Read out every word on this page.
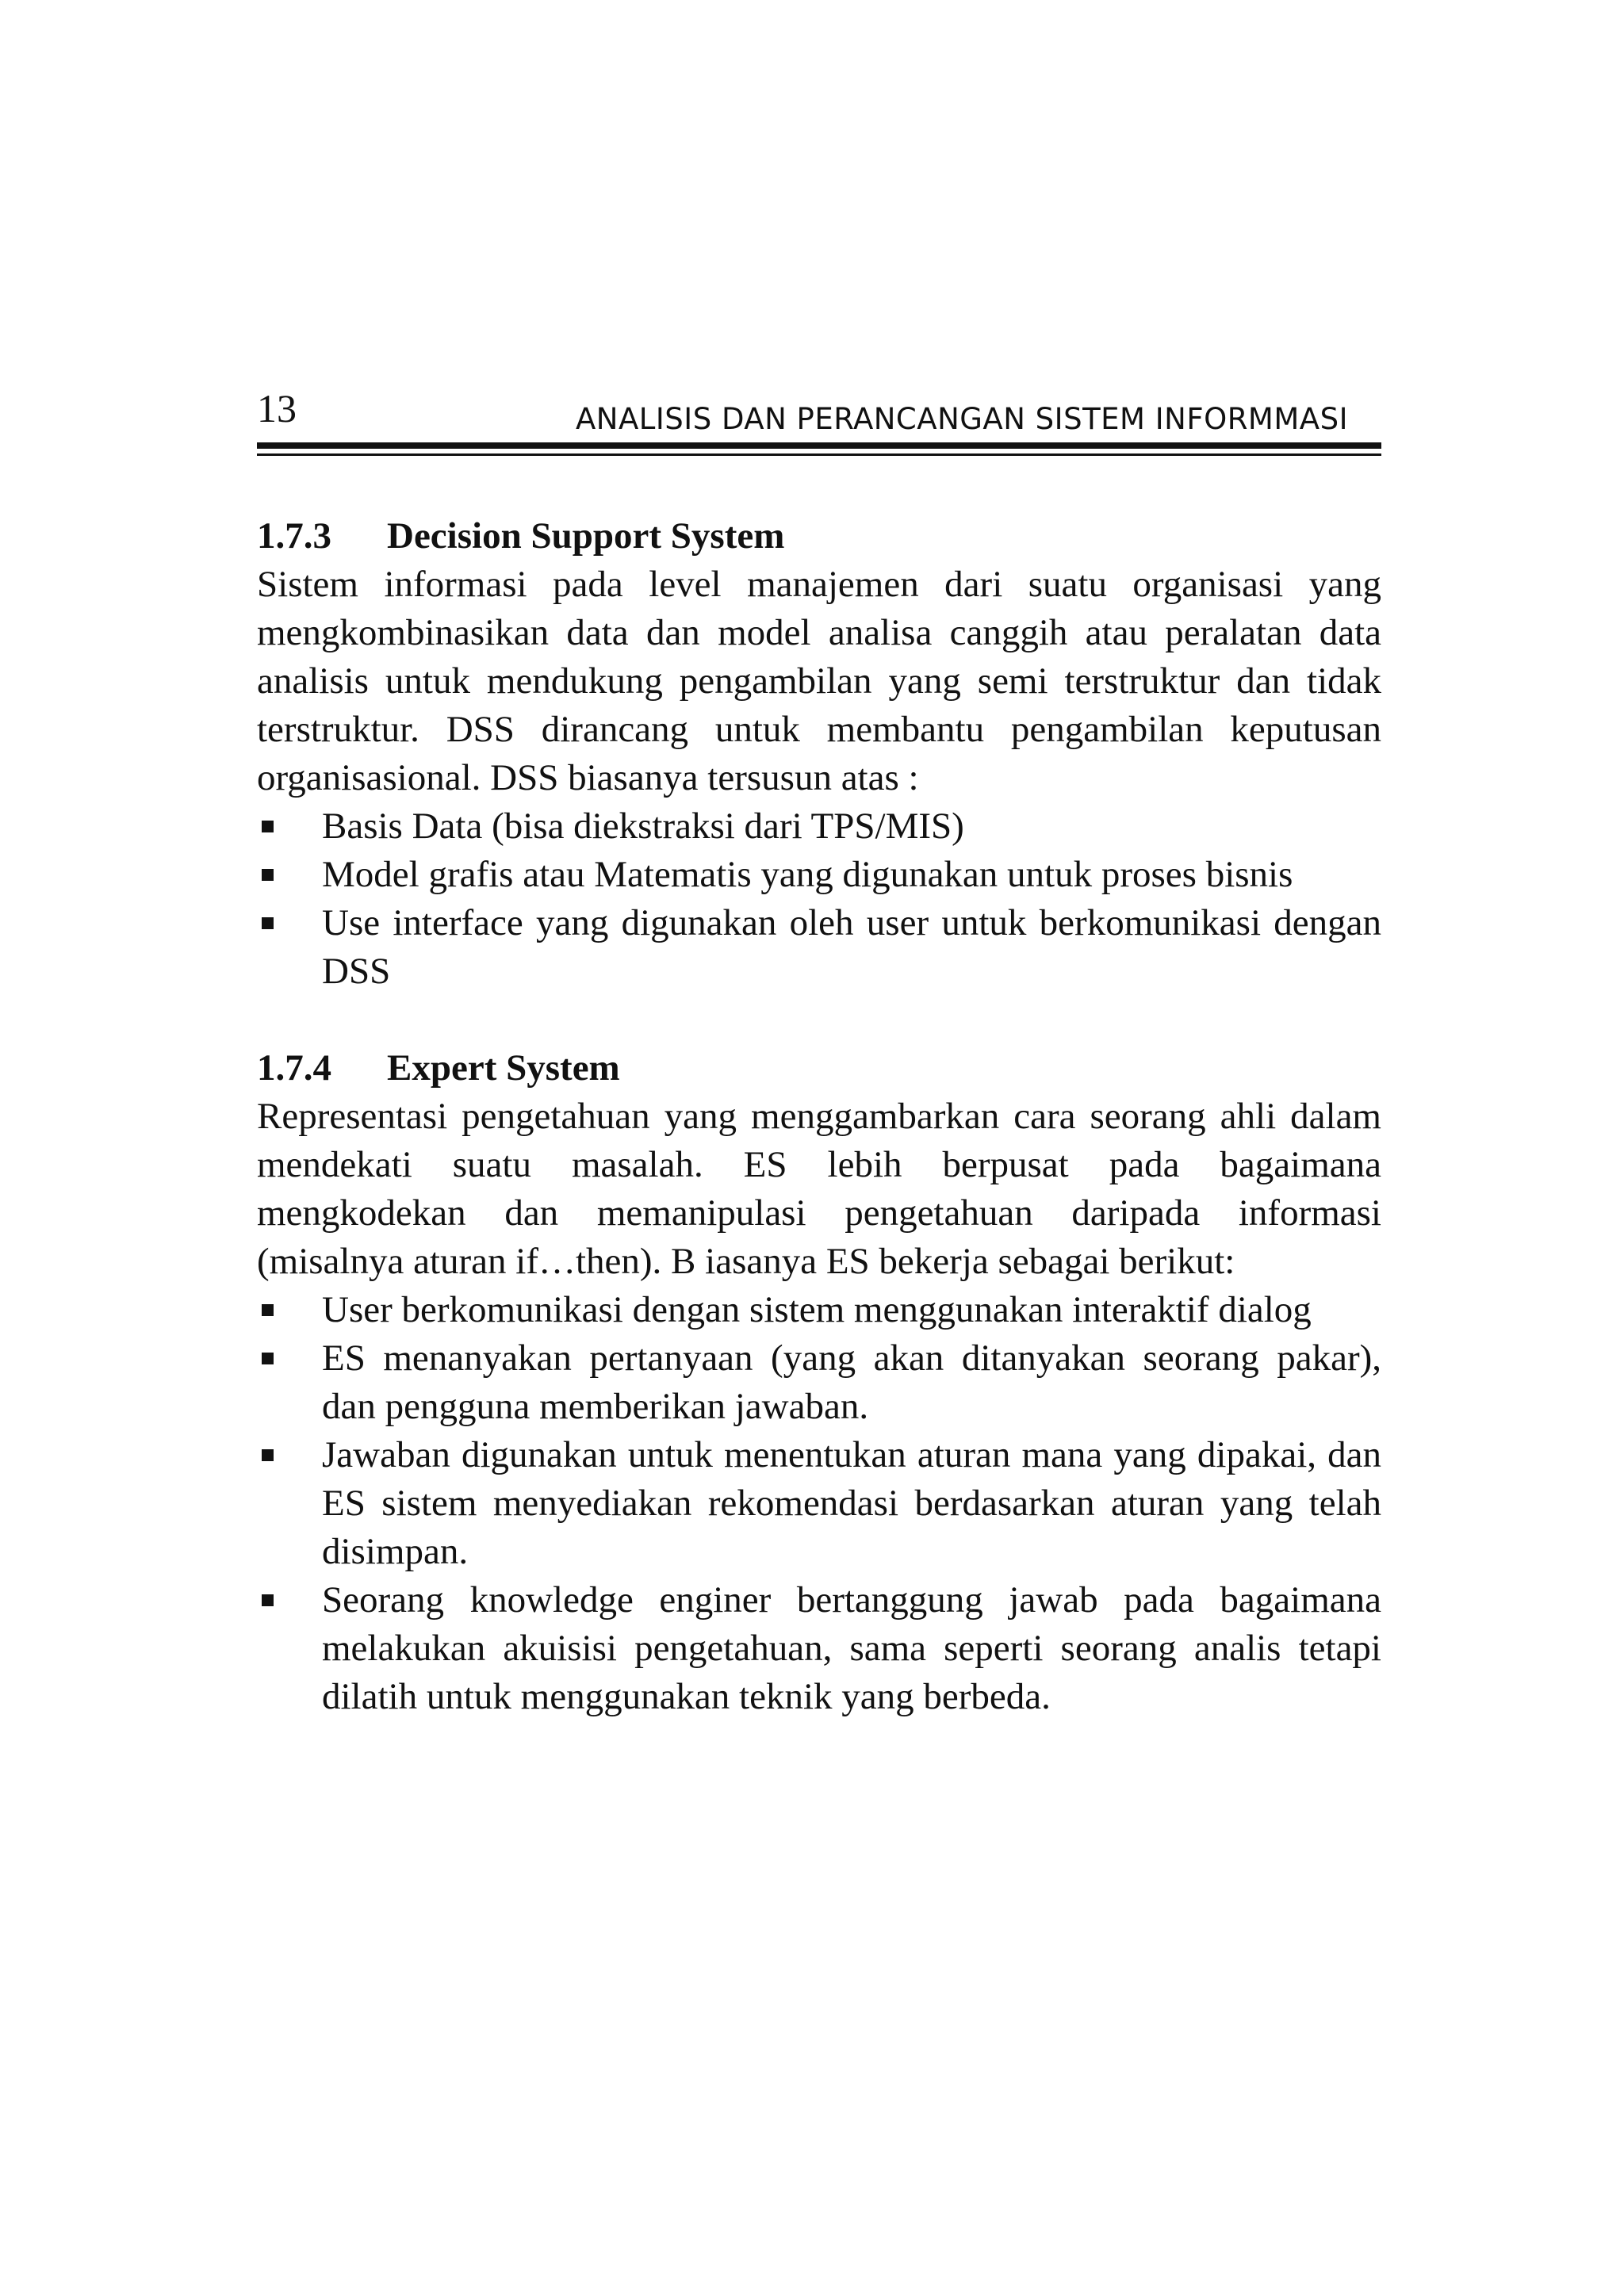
13	ANALISIS DAN PERANCANGAN SISTEM INFORMMASI
1.7.3	Decision Support System

Sistem informasi pada level manajemen dari suatu organisasi yang mengkombinasikan data dan model analisa canggih atau peralatan data analisis untuk mendukung pengambilan yang semi terstruktur dan tidak terstruktur. DSS dirancang untuk membantu pengambilan keputusan organisasional. DSS biasanya tersusun atas :

Basis Data (bisa diekstraksi dari TPS/MIS)
Model grafis atau Matematis yang digunakan untuk proses bisnis
Use interface yang digunakan oleh user untuk berkomunikasi dengan DSS
1.7.4	Expert System

Representasi pengetahuan yang menggambarkan cara seorang ahli dalam mendekati suatu masalah. ES lebih berpusat pada bagaimana mengkodekan dan memanipulasi pengetahuan daripada informasi (misalnya aturan if…then). B iasanya ES bekerja sebagai berikut:

User berkomunikasi dengan sistem menggunakan interaktif dialog
ES menanyakan pertanyaan (yang akan ditanyakan seorang pakar), dan pengguna memberikan jawaban.
Jawaban digunakan untuk menentukan aturan mana yang dipakai, dan ES sistem menyediakan rekomendasi berdasarkan aturan yang telah disimpan.
Seorang knowledge enginer bertanggung jawab pada bagaimana melakukan akuisisi pengetahuan, sama seperti seorang analis tetapi dilatih untuk menggunakan teknik yang berbeda.
